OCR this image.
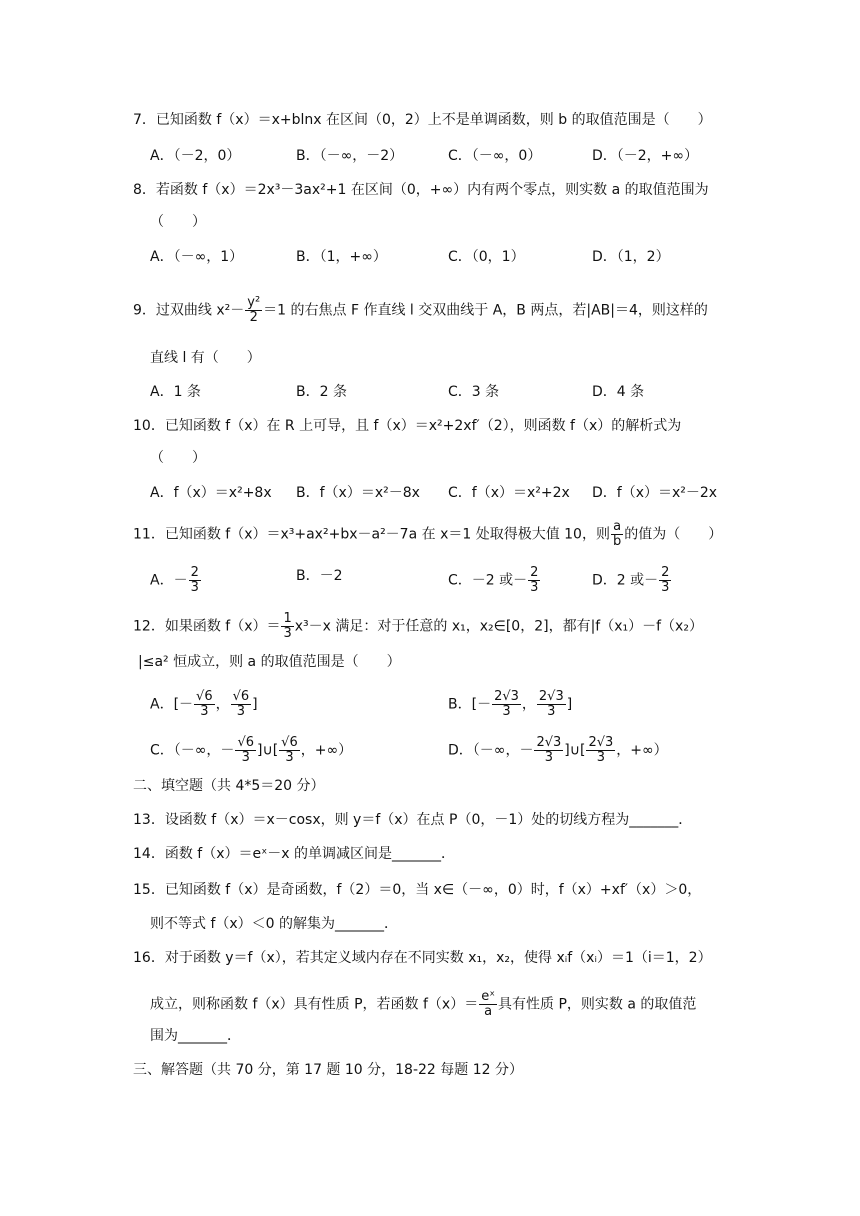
7．已知函数 f（x）＝x+blnx 在区间（0，2）上不是单调函数，则 b 的取值范围是（　　）
A．（－2，0）	B．（－∞，－2）	C．（－∞，0）	D．（－2，+∞）
8．若函数 f（x）＝2x³－3ax²+1 在区间（0，+∞）内有两个零点，则实数 a 的取值范围为
（　　）
A．（－∞，1）	B．（1，+∞）	C．（0，1）	D．（1，2）
9．过双曲线 $x^2- \frac{\text{y²}}{2} =1$ 的右焦点 F 作直线 l 交双曲线于 A，B 两点，若|AB|＝4，则这样的
直线 l 有（　　）
A．1 条	B．2 条	C．3 条	D．4 条
10．已知函数 f（x）在 R 上可导，且 f（x）＝x²+2xf′（2），则函数 f（x）的解析式为
（　　）
A．f（x）＝x²+8x B．f（x）＝x²－8x C．f（x）＝x²+2x D．f（x）＝x²－2x
11．已知函数 f（x）＝x³+ax²+bx－a²－7a 在 x＝1 处取得极大值 10，则 $\frac{a}{b}$ 的值为（　　）
A．－ $\frac{2}{3}$	B．－2	C．－2 或－ $\frac{2}{3}$	D．2 或－ $\frac{2}{3}$
12．如果函数 $f(x)= \frac{1}{3} x^3-x$ 满足：对于任意的 x₁，x₂∈[0，2]，都有|f（x₁）－f（x₂）
|≤a² 恒成立，则 a 的取值范围是（　　）
A．[－ $\frac{√6}{3}$ ， $\frac{√6}{3}$ ]	B．[－ $\frac{2√3}{3}$ ， $\frac{2√3}{3}$ ]
C．（－∞，－ $\frac{√6}{3}$ ]∪[ $\frac{√6}{3}$ ，+∞）	D．（－∞，－ $\frac{2√3}{3}$ ]∪[ $\frac{2√3}{3}$ ，+∞）
二、填空题（共 4*5＝20 分）
13．设函数 f（x）＝x－cosx，则 y＝f（x）在点 P（0，－1）处的切线方程为_______．
14．函数 f（x）＝eˣ－x 的单调减区间是_______．
15．已知函数 f（x）是奇函数，f（2）＝0，当 x∈（－∞，0）时，f（x）+xf′（x）＞0，
则不等式 f（x）＜0 的解集为_______．
16．对于函数 y＝f（x），若其定义域内存在不同实数 x₁，x₂，使得 xᵢf（xᵢ）＝1（i＝1，2）
成立，则称函数 f（x）具有性质 P，若函数 $f(x)= \frac{\text{eˣ}}{a}$ 具有性质 P，则实数 a 的取值范
围为_______．
三、解答题（共 70 分，第 17 题 10 分，18-22 每题 12 分）
